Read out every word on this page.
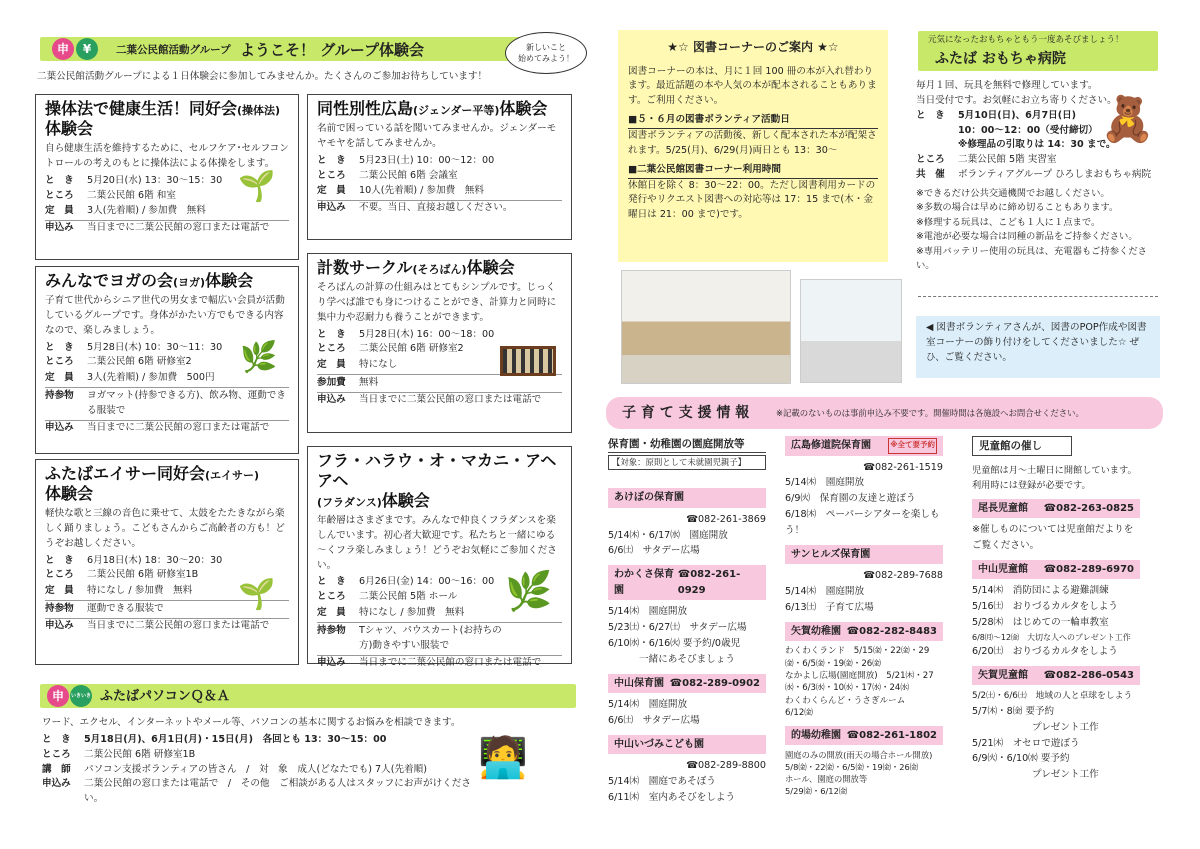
申	¥	二葉公民館活動グループ ようこそ！ グループ体験会	新しいこと
始めてみよう！
二葉公民館活動グループによる１日体験会に参加してみませんか。たくさんのご参加お待ちしています！
操体法で健康生活！同好会(操体法)
体験会
自ら健康生活を維持するために、セルフケア･セルフコントロールの考えのもとに操体法による体操をします。
と　き	5月20日(水) 13：30～15：30
ところ	二葉公民館 6階 和室
定　員	3人(先着順) / 参加費　無料
申込み	当日までに二葉公民館の窓口または電話で
🌱
同性別性広島(ジェンダー平等)体験会
名前で困っている話を聞いてみませんか。ジェンダーモヤモヤを話してみませんか。
と　き	5月23日(土) 10：00～12：00
ところ	二葉公民館 6階 会議室
定　員	10人(先着順) / 参加費　無料
申込み	不要。当日、直接お越しください。
みんなでヨガの会(ヨガ)体験会
子育て世代からシニア世代の男女まで幅広い会員が活動しているグループです。身体がかたい方でもできる内容なので、楽しみましょう。
と　き	5月28日(木) 10：30～11：30
ところ	二葉公民館 6階 研修室2
定　員	3人(先着順) / 参加費　500円
持参物	ヨガマット(持参できる方)、飲み物、運動できる服装で
申込み	当日までに二葉公民館の窓口または電話で
🌿
計数サークル(そろばん)体験会
そろばんの計算の仕組みはとてもシンプルです。じっくり学べば誰でも身につけることができ、計算力と同時に集中力や忍耐力も養うことができます。
と　き	5月28日(木) 16：00～18：00
ところ	二葉公民館 6階 研修室2
定　員	特になし
参加費	無料
申込み	当日までに二葉公民館の窓口または電話で
ふたばエイサー同好会(エイサー)
体験会
軽快な歌と三線の音色に乗せて、太鼓をたたきながら楽しく踊りましょう。こどもさんからご高齢者の方も！どうぞお越しください。
と　き	6月18日(木) 18：30～20：30
ところ	二葉公民館 6階 研修室1B
定　員	特になし / 参加費　無料
持参物	運動できる服装で
申込み	当日までに二葉公民館の窓口または電話で
🌱
フラ・ハラウ・オ・マカニ・アヘアヘ
(フラダンス)体験会
年齢層はさまざまです。みんなで仲良くフラダンスを楽しんでいます。初心者大歓迎です。私たちと一緒にゆる～くフラ楽しみましょう！どうぞお気軽にご参加ください。
と　き	6月26日(金) 14：00～16：00
ところ	二葉公民館 5階 ホール
定　員	特になし / 参加費　無料
持参物	Tシャツ、パウスカート(お持ちの方)動きやすい服装で
申込み	当日までに二葉公民館の窓口または電話で
🌿
申	いきいき ふたばパソコンＱ＆Ａ
ワード、エクセル、インターネットやメール等、パソコンの基本に関するお悩みを相談できます。
と　き	5月18日(月)、6月1日(月)・15日(月)　各回とも 13：30～15：00
ところ	二葉公民館 6階 研修室1B
講　師	パソコン支援ボランティアの皆さん　/　対　象　成人(どなたでも) 7人(先着順)
申込み	二葉公民館の窓口または電話で　/　その他　ご相談がある人はスタッフにお声がけください。
🧑‍💻
★☆ 図書コーナーのご案内 ★☆
図書コーナーの本は、月に１回 100 冊の本が入れ替わります。最近話題の本や人気の本が配本されることもあります。ご利用ください。
■５・６月の図書ボランティア活動日
図書ボランティアの活動後、新しく配本された本が配架されます。5/25(月)、6/29(月)両日とも 13：30～
■二葉公民館図書コーナー利用時間
休館日を除く 8：30～22：00。ただし図書利用カードの発行やリクエスト図書への対応等は 17：15 まで(木・金曜日は 21：00 まで)です。
元気になったおもちゃともう一度あそびましょう！
ふたば おもちゃ病院
毎月１回、玩具を無料で修理しています。
当日受付です。お気軽にお立ち寄りください。
と　き	5月10日(日)、6月7日(日)
10：00～12：00（受付締切）
※修理品の引取りは 14：30 まで。
ところ	二葉公民館 5階 実習室
共　催	ボランティアグループ ひろしまおもちゃ病院
※できるだけ公共交通機関でお越しください。
※多数の場合は早めに締め切ることもあります。
※修理する玩具は、こども１人に１点まで。
※電池が必要な場合は同種の新品をご持参ください。
※専用バッテリー使用の玩具は、充電器もご持参ください。
🧸
◀ 図書ボランティアさんが、図書のPOP作成や図書室コーナーの飾り付けをしてくださいました☆ ぜひ、ご覧ください。
子 育 て 支 援 情 報	※記載のないものは事前申込み不要です。開催時間は各施設へお問合せください。
保育園・幼稚園の園庭開放等
【対象：原則として未就園児親子】
あけぼの保育園
☎082-261-3869
5/14㈭・6/17㈬　園庭開放
6/6㈯　サタデー広場
わかくさ保育園
☎082-261-0929
5/14㈭　園庭開放
5/23㈯・6/27㈯　サタデー広場
6/10㈬・6/16㈫ 要予約/0歳児
一緒にあそびましょう
中山保育園 ☎082-289-0902
5/14㈭　園庭開放
6/6㈯　サタデー広場
中山いづみこども園
☎082-289-8800
5/14㈭　園庭であそぼう
6/11㈭　室内あそびをしよう
広島修道院保育園	※全て要予約
☎082-261-1519
5/14㈭　園庭開放
6/9㈫　保育園の友達と遊ぼう
6/18㈭　ペーパーシアターを楽しもう！
サンヒルズ保育園
☎082-289-7688
5/14㈭　園庭開放
6/13㈯　子育て広場
矢賀幼稚園 ☎082-282-8483
わくわくランド　5/15㈮・22㈮・29㈮・6/5㈮・19㈮・26㈮
なかよし広場(園庭開放)　5/21㈭・27㈬・6/3㈬・10㈬・17㈬・24㈬
わくわくらんど・うさぎルーム
6/12㈮
的場幼稚園 ☎082-261-1802
園庭のみの開放(雨天の場合ホール開放)
5/8㈮・22㈮・6/5㈮・19㈮・26㈮
ホール、園庭の開放等
5/29㈮・6/12㈮
児童館の催し
児童館は月～土曜日に開館しています。利用時には登録が必要です。
尾長児童館 ☎082-263-0825
※催しものについては児童館だよりをご覧ください。
中山児童館 ☎082-289-6970
5/14㈭　消防団による避難訓練
5/16㈯　おりづるカルタをしよう
5/28㈭　はじめての一輪車教室
6/8㈪～12㈮　大切な人へのプレゼント工作
6/20㈯　おりづるカルタをしよう
矢賀児童館 ☎082-286-0543
5/2㈯・6/6㈯　地域の人と卓球をしよう
5/7㈭・8㈮ 要予約
プレゼント工作
5/21㈭　オセロで遊ぼう
6/9㈫・6/10㈬ 要予約
プレゼント工作
